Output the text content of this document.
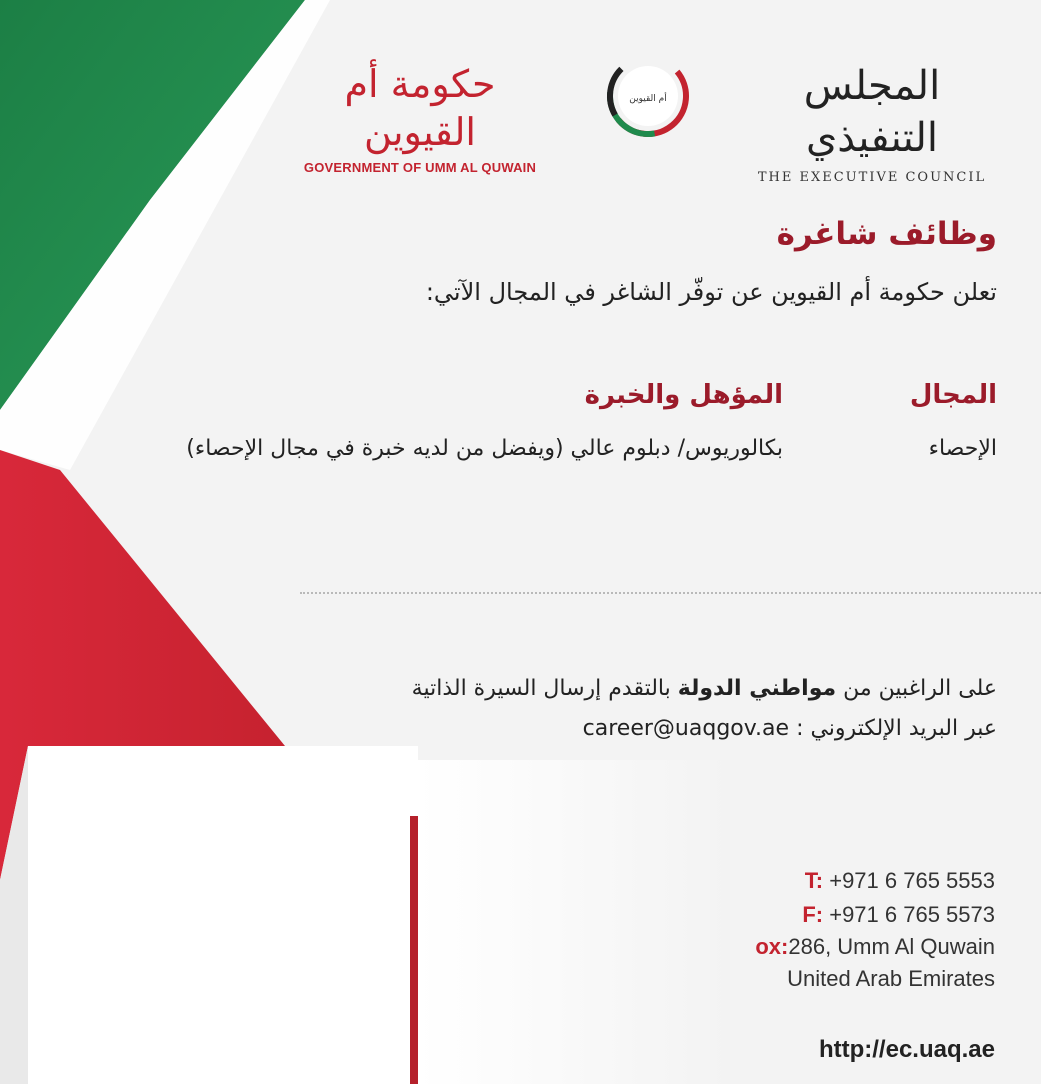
حكومة أم القيوين
GOVERNMENT OF UMM AL QUWAIN
أم القيوين	المجلس التنفيذي
THE EXECUTIVE COUNCIL
وظائف شاغرة
تعلن حكومة أم القيوين عن توفّر الشاغر في المجال الآتي:
المجال
المؤهل والخبرة
الإحصاء
بكالوريوس/ دبلوم عالي (ويفضل من لديه خبرة في مجال الإحصاء)
على الراغبين من مواطني الدولة بالتقدم إرسال السيرة الذاتية
عبر البريد الإلكتروني : career@uaqgov.ae
T: +971 6 765 5553
F: +971 6 765 5573
ox:286, Umm Al Quwain
United Arab Emirates
http://ec.uaq.ae
